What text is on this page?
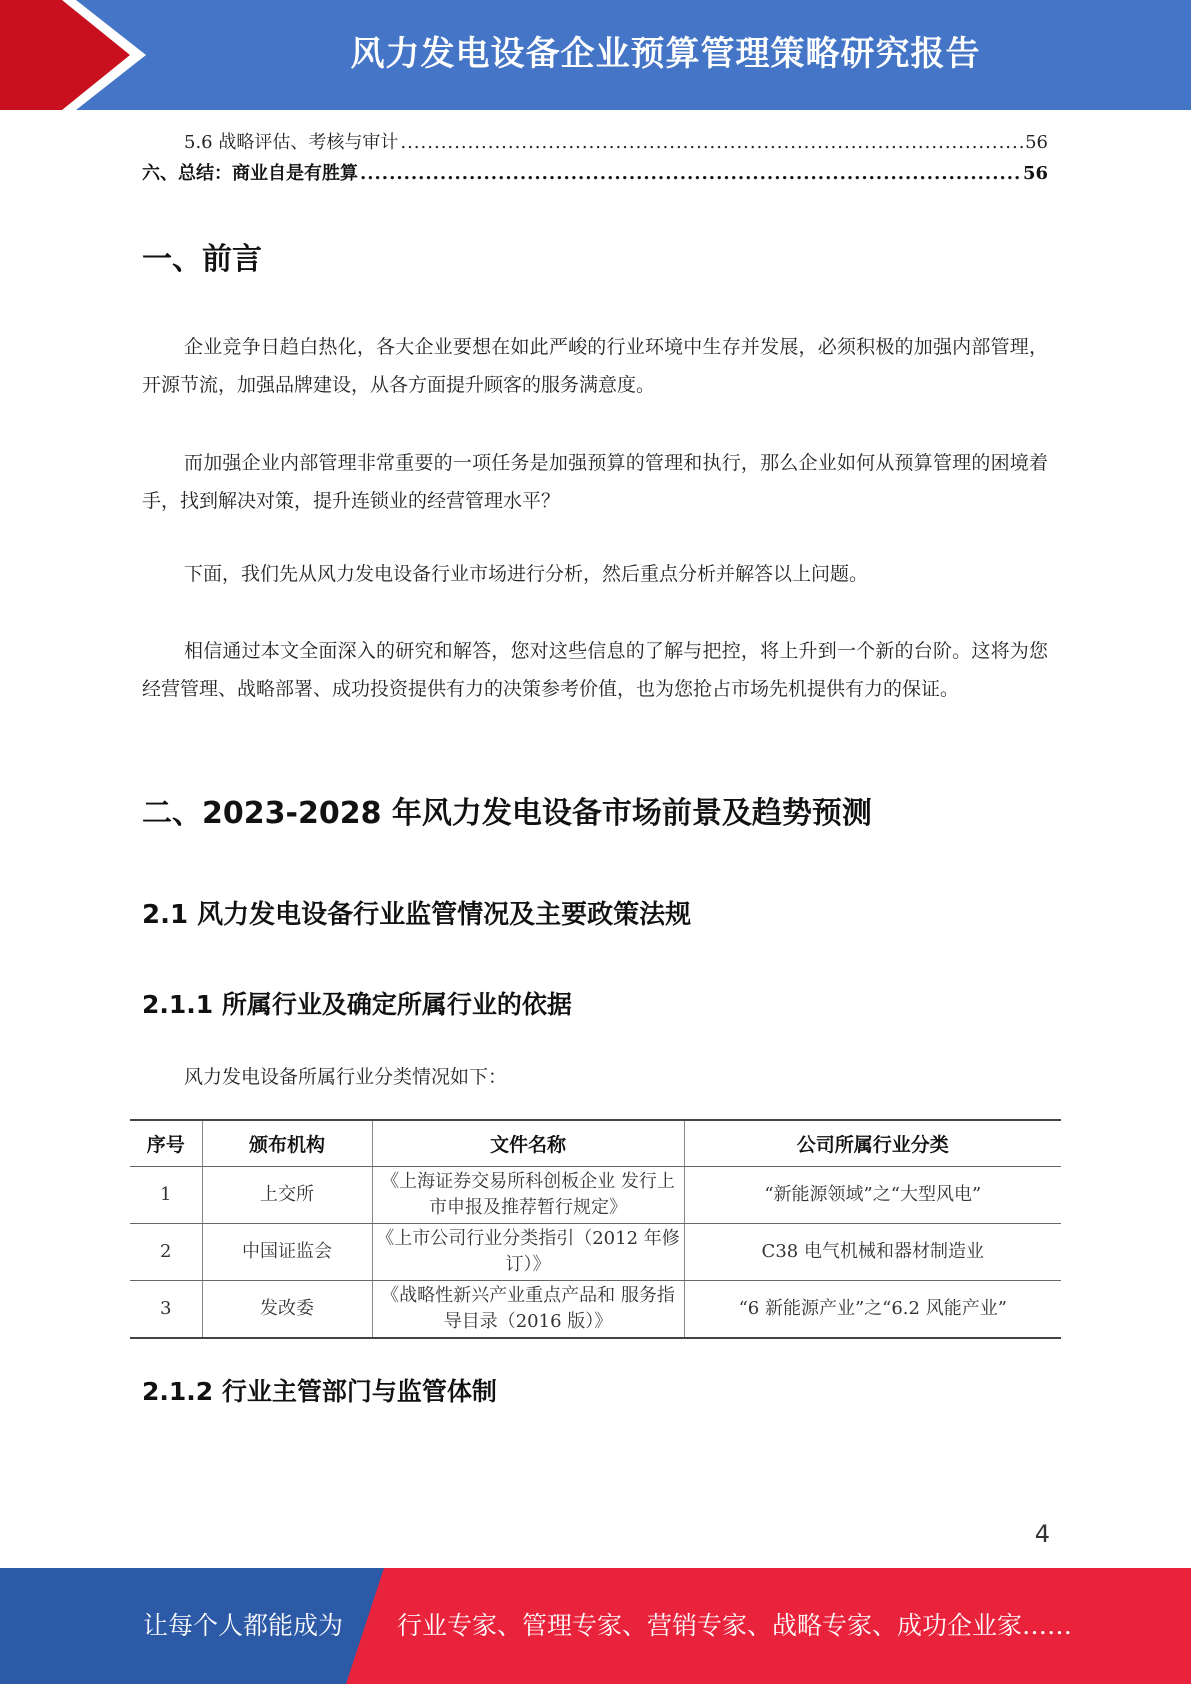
风力发电设备企业预算管理策略研究报告
5.6 战略评估、考核与审计 .....	56
六、总结：商业自是有胜算 .....	56
一、前言
企业竞争日趋白热化，各大企业要想在如此严峻的行业环境中生存并发展，必须积极的加强内部管理，开源节流，加强品牌建设，从各方面提升顾客的服务满意度。
而加强企业内部管理非常重要的一项任务是加强预算的管理和执行，那么企业如何从预算管理的困境着手，找到解决对策，提升连锁业的经营管理水平？
下面，我们先从风力发电设备行业市场进行分析，然后重点分析并解答以上问题。
相信通过本文全面深入的研究和解答，您对这些信息的了解与把控，将上升到一个新的台阶。这将为您经营管理、战略部署、成功投资提供有力的决策参考价值，也为您抢占市场先机提供有力的保证。
二、2023-2028 年风力发电设备市场前景及趋势预测
2.1 风力发电设备行业监管情况及主要政策法规
2.1.1 所属行业及确定所属行业的依据
风力发电设备所属行业分类情况如下：
序号	颁布机构	文件名称	公司所属行业分类
1	上交所	《上海证券交易所科创板企业 发行上市申报及推荐暂行规定》	“新能源领域”之“大型风电”
2	中国证监会	《上市公司行业分类指引（2012 年修订）》	C38 电气机械和器材制造业
3	发改委	《战略性新兴产业重点产品和 服务指导目录（2016 版）》	“6 新能源产业”之“6.2 风能产业”
2.1.2 行业主管部门与监管体制
4
让每个人都能成为 行业专家、管理专家、营销专家、战略专家、成功企业家……
